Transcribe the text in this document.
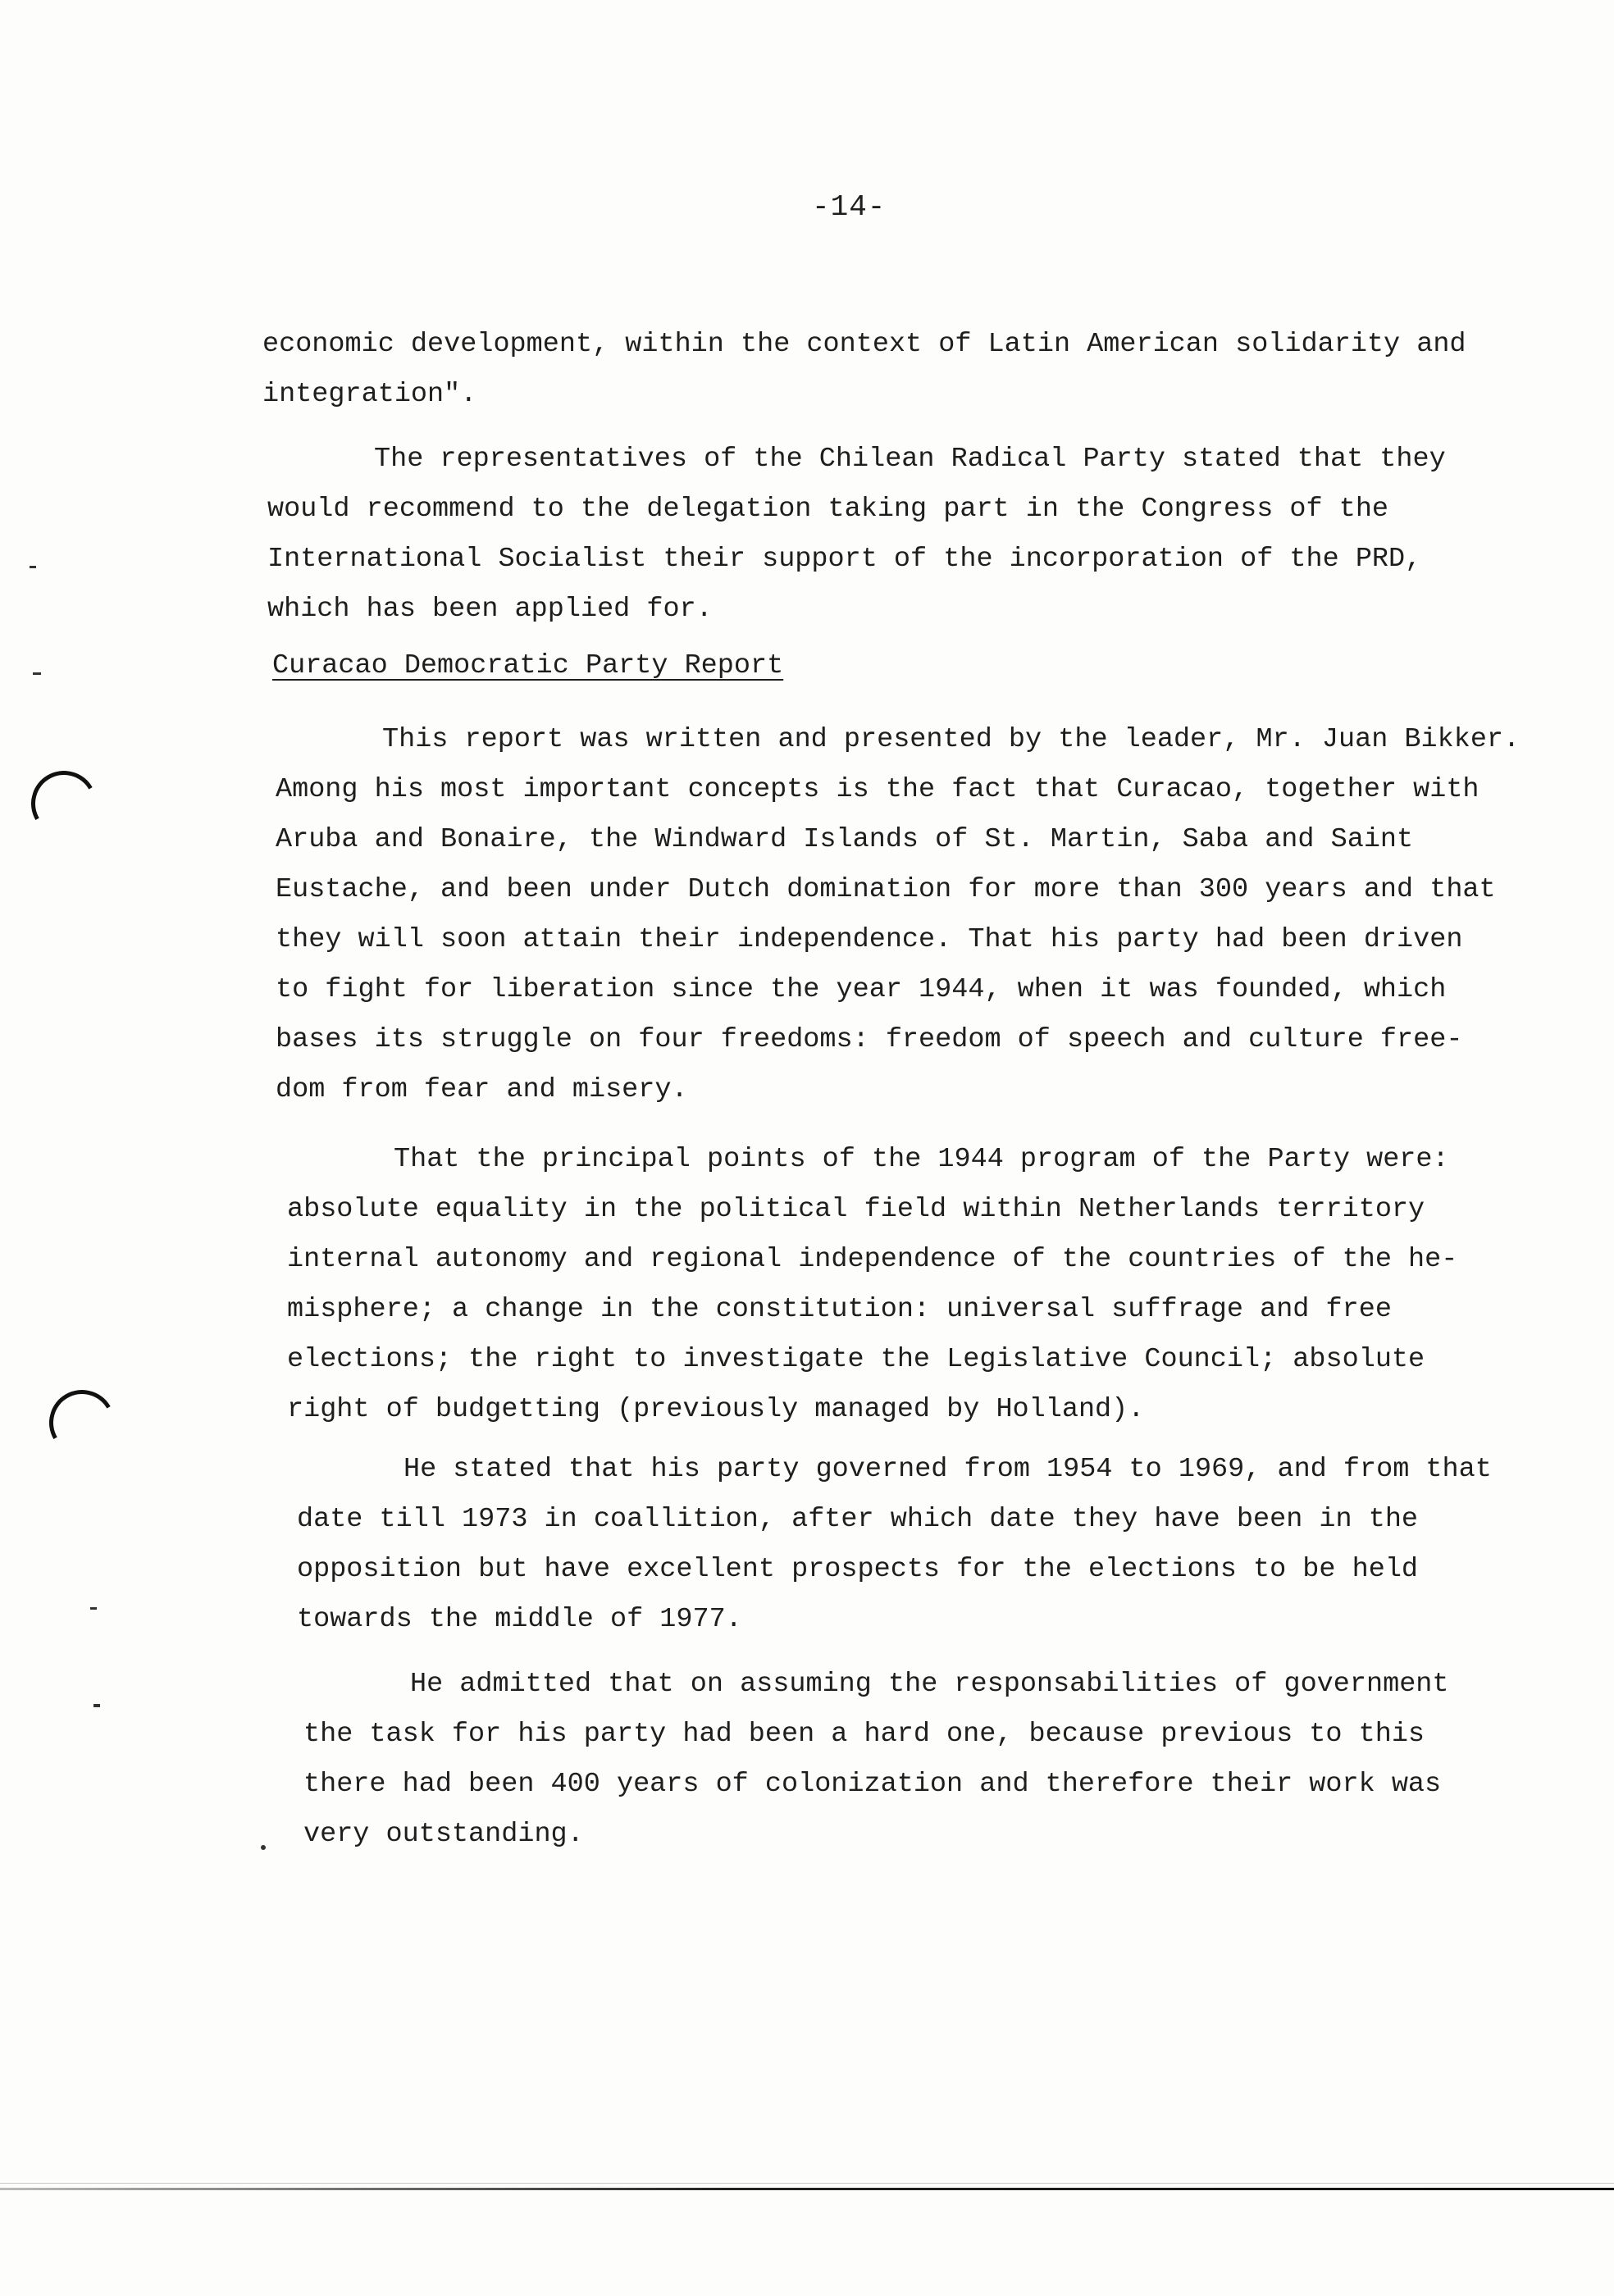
-14-
economic development, within the context of Latin American solidarity and
integration".
The representatives of the Chilean Radical Party stated that they
would recommend to the delegation taking part in the Congress of the
International Socialist their support of the incorporation of the PRD,
which has been applied for.
Curacao Democratic Party Report
This report was written and presented by the leader, Mr. Juan Bikker.
Among his most important concepts is the fact that Curacao, together with
Aruba and Bonaire, the Windward Islands of St. Martin, Saba and Saint
Eustache, and been under Dutch domination for more than 300 years and that
they will soon attain their independence. That his party had been driven
to fight for liberation since the year 1944, when it was founded, which
bases its struggle on four freedoms: freedom of speech and culture free-
dom from fear and misery.
That the principal points of the 1944 program of the Party were:
absolute equality in the political field within Netherlands territory
internal autonomy and regional independence of the countries of the he-
misphere; a change in the constitution: universal suffrage and free
elections; the right to investigate the Legislative Council; absolute
right of budgetting (previously managed by Holland).
He stated that his party governed from 1954 to 1969, and from that
date till 1973 in coallition, after which date they have been in the
opposition but have excellent prospects for the elections to be held
towards the middle of 1977.
He admitted that on assuming the responsabilities of government
the task for his party had been a hard one, because previous to this
there had been 400 years of colonization and therefore their work was
very outstanding.
